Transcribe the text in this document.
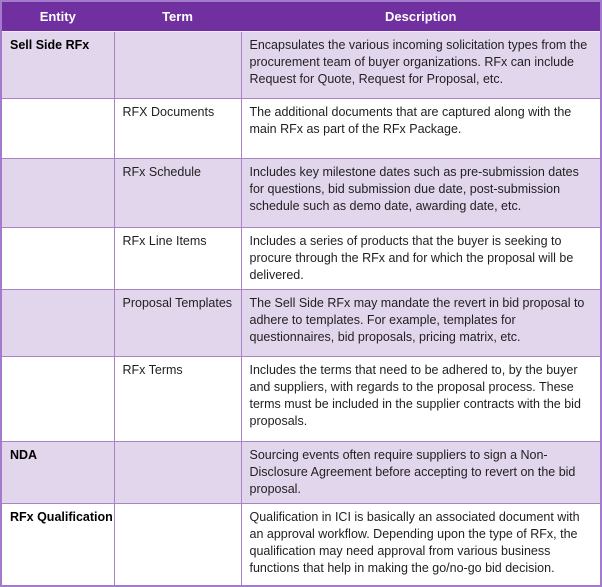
Entity	Term	Description
Sell Side RFx		Encapsulates the various incoming solicitation types from the procurement team of buyer organizations. RFx can include Request for Quote, Request for Proposal, etc.
	RFX Documents	The additional documents that are captured along with the main RFx as part of the RFx Package.
	RFx Schedule	Includes key milestone dates such as pre-submission dates for questions, bid submission due date, post-submission schedule such as demo date, awarding date, etc.
	RFx Line Items	Includes a series of products that the buyer is seeking to procure through the RFx and for which the proposal will be delivered.
	Proposal Templates	The Sell Side RFx may mandate the revert in bid proposal to adhere to templates. For example, templates for questionnaires, bid proposals, pricing matrix, etc.
	RFx Terms	Includes the terms that need to be adhered to, by the buyer and suppliers, with regards to the proposal process. These terms must be included in the supplier contracts with the bid proposals.
NDA		Sourcing events often require suppliers to sign a Non-Disclosure Agreement before accepting to revert on the bid proposal.
RFx Qualification		Qualification in ICI is basically an associated document with an approval workflow. Depending upon the type of RFx, the qualification may need approval from various business functions that help in making the go/no-go bid decision.
